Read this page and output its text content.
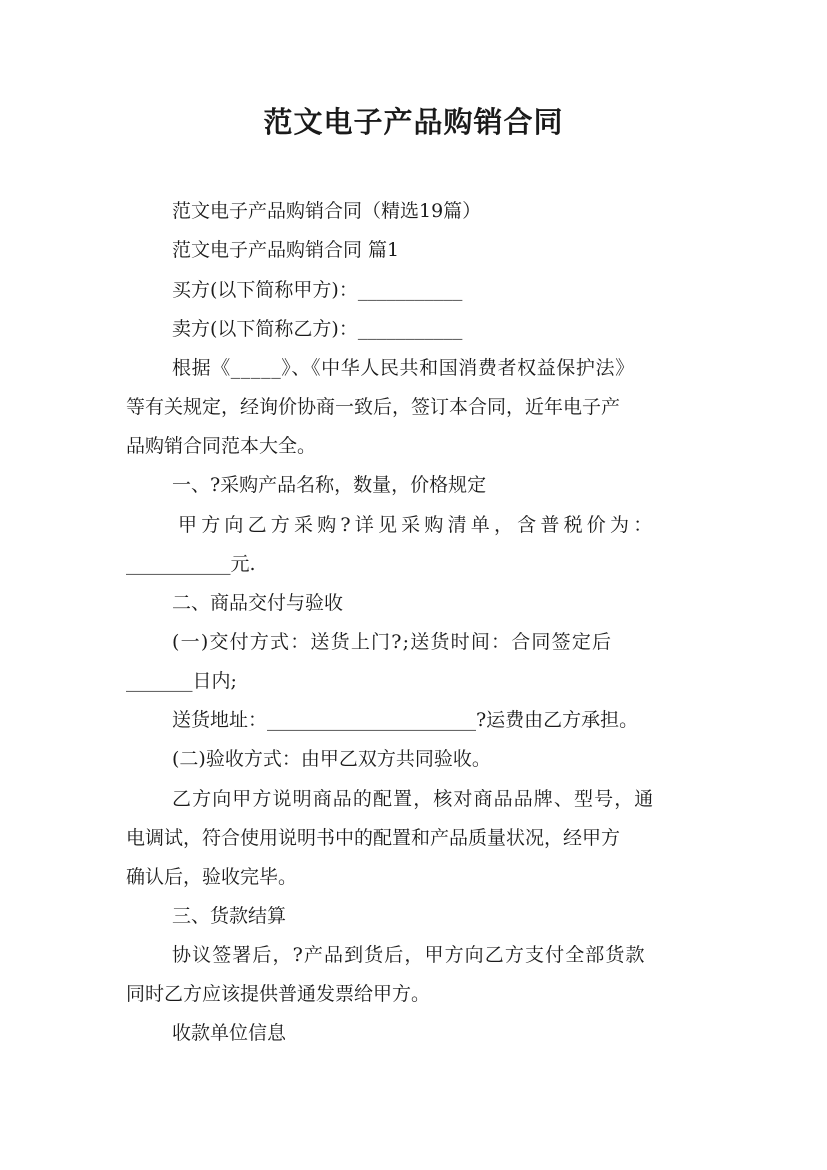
范文电子产品购销合同

范文电子产品购销合同（精选19篇）

范文电子产品购销合同 篇1

买方(以下简称甲方)：___________

卖方(以下简称乙方)：___________

根据《_____》、《中华人民共和国消费者权益保护法》

等有关规定，经询价协商一致后，签订本合同，近年电子产

品购销合同范本大全。

一、?采购产品名称，数量，价格规定

甲方向乙方采购?详见采购清单，含普税价为：

___________元.

二、商品交付与验收

(一)交付方式：送货上门?;送货时间：合同签定后

_______日内;

送货地址：______________________?运费由乙方承担。

(二)验收方式：由甲乙双方共同验收。

乙方向甲方说明商品的配置，核对商品品牌、型号，通

电调试，符合使用说明书中的配置和产品质量状况，经甲方

确认后，验收完毕。

三、货款结算

协议签署后，?产品到货后，甲方向乙方支付全部货款

同时乙方应该提供普通发票给甲方。

收款单位信息
